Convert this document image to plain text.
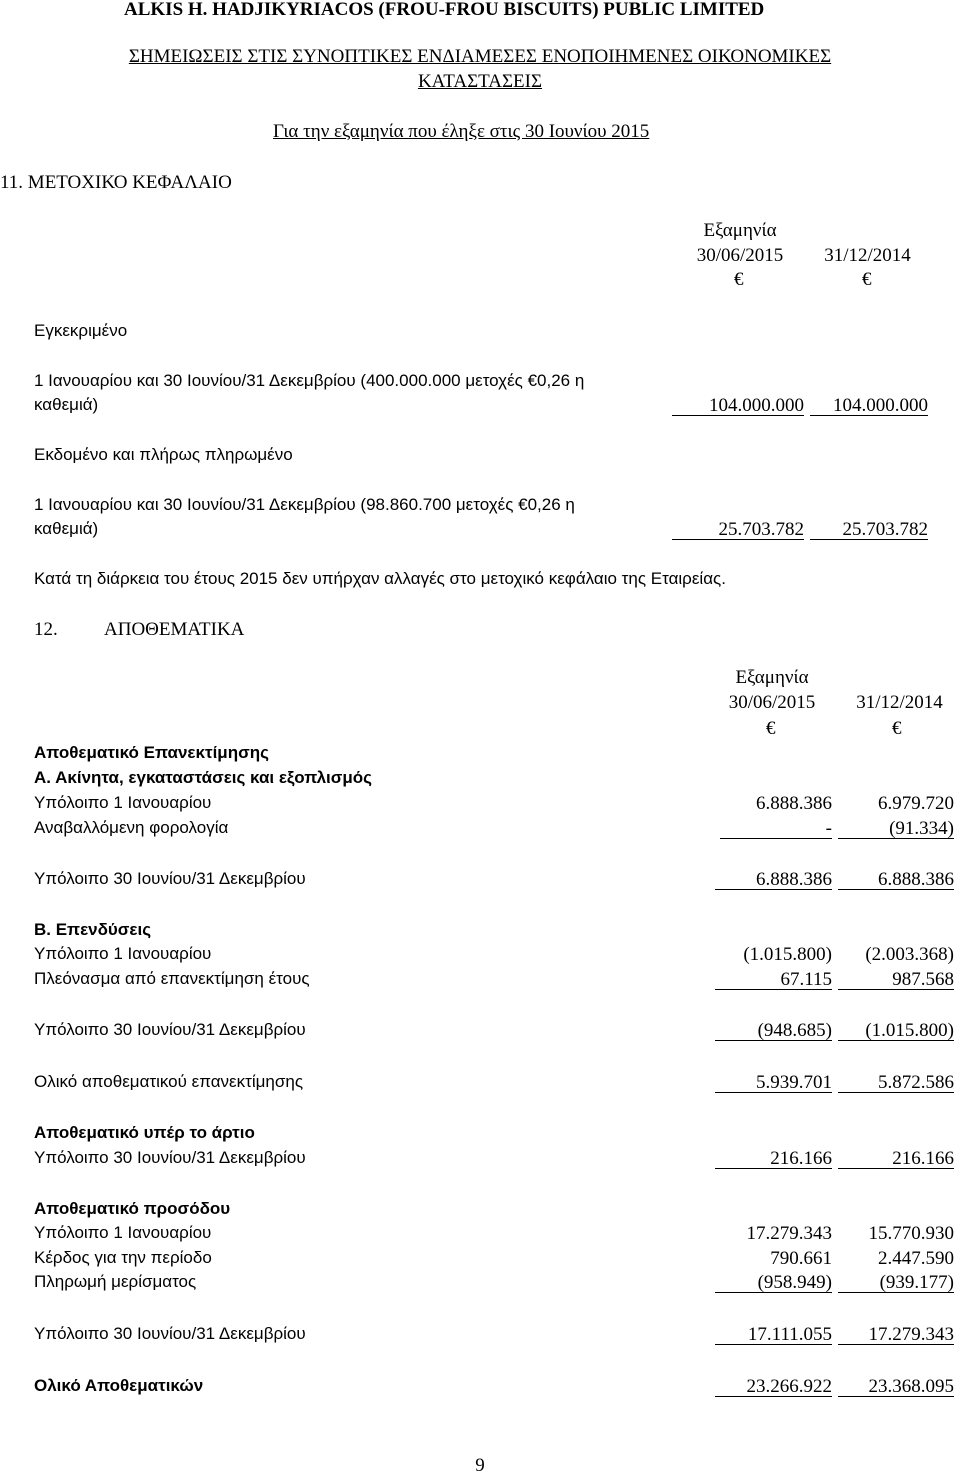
ALKIS H. HADJIKYRIACOS (FROU-FROU BISCUITS) PUBLIC LIMITED
ΣΗΜΕΙΩΣΕΙΣ ΣΤΙΣ ΣΥΝΟΠΤΙΚΕΣ ΕΝΔΙΑΜΕΣΕΣ ΕΝΟΠΟΙΗΜΕΝΕΣ ΟΙΚΟΝΟΜΙΚΕΣ
ΚΑΤΑΣΤΑΣΕΙΣ
Για την εξαμηνία που έληξε στις 30 Ιουνίου 2015
11. ΜΕΤΟΧΙΚΟ ΚΕΦΑΛΑΙΟ
Εξαμηνία
30/06/2015	31/12/2014
€	€
Εγκεκριμένο
1 Ιανουαρίου και 30 Ιουνίου/31 Δεκεμβρίου (400.000.000 μετοχές €0,26 η
καθεμιά)	104.000.000	104.000.000
Εκδομένο και πλήρως πληρωμένο
1 Ιανουαρίου και 30 Ιουνίου/31 Δεκεμβρίου (98.860.700 μετοχές €0,26 η
καθεμιά)	25.703.782	25.703.782
Κατά τη διάρκεια του έτους 2015 δεν υπήρχαν αλλαγές στο μετοχικό κεφάλαιο της Εταιρείας.
12. ΑΠΟΘΕΜΑΤΙΚΑ
Εξαμηνία
30/06/2015	31/12/2014
€	€
Αποθεματικό Επανεκτίμησης
Α. Ακίνητα, εγκαταστάσεις και εξοπλισμός
Υπόλοιπο 1 Ιανουαρίου	6.888.386	6.979.720
Αναβαλλόμενη φορολογία	-	(91.334)
Υπόλοιπο 30 Ιουνίου/31 Δεκεμβρίου	6.888.386	6.888.386
Β. Επενδύσεις
Υπόλοιπο 1 Ιανουαρίου	(1.015.800)	(2.003.368)
Πλεόνασμα από επανεκτίμηση έτους	67.115	987.568
Υπόλοιπο 30 Ιουνίου/31 Δεκεμβρίου	(948.685)	(1.015.800)
Ολικό αποθεματικού επανεκτίμησης	5.939.701	5.872.586
Αποθεματικό υπέρ το άρτιο
Υπόλοιπο 30 Ιουνίου/31 Δεκεμβρίου	216.166	216.166
Αποθεματικό προσόδου
Υπόλοιπο 1 Ιανουαρίου	17.279.343	15.770.930
Κέρδος για την περίοδο	790.661	2.447.590
Πληρωμή μερίσματος	(958.949)	(939.177)
Υπόλοιπο 30 Ιουνίου/31 Δεκεμβρίου	17.111.055	17.279.343
Ολικό Αποθεματικών	23.266.922	23.368.095
9
